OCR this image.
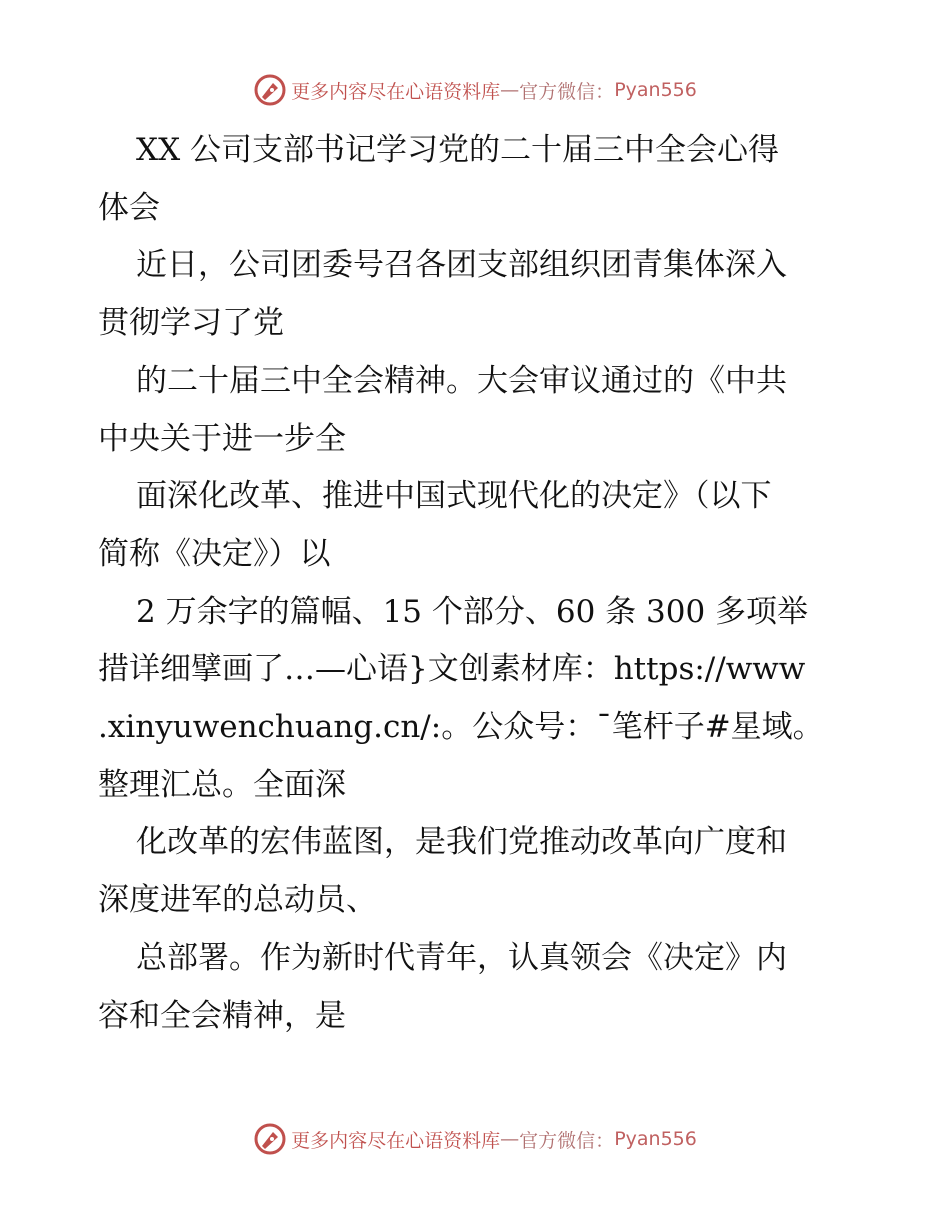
更多内容尽在心语资料库 — 官方微信： Pyan556
XX 公司支部书记学习党的二十届三中全会心得
体会
近日，公司团委号召各团支部组织团青集体深入
贯彻学习了党
的二十届三中全会精神。大会审议通过的《中共
中央关于进一步全
面深化改革、推进中国式现代化的决定》（以下
简称《决定》）以
2 万余字的篇幅、15 个部分、60 条 300 多项举
措详细擘画了…—心语}文创素材库：https://www
.xinyuwenchuang.cn/:。公众号：¯笔杆子#星域。
整理汇总。全面深
化改革的宏伟蓝图，是我们党推动改革向广度和
深度进军的总动员、
总部署。作为新时代青年，认真领会《决定》内
容和全会精神，是
更多内容尽在心语资料库 — 官方微信： Pyan556
